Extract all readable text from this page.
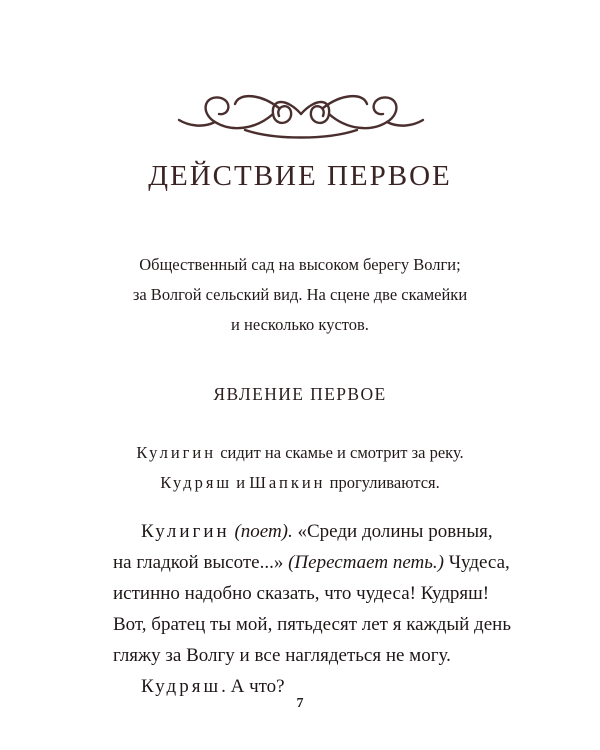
ДЕЙСТВИЕ ПЕРВОЕ
Общественный сад на высоком берегу Волги;
за Волгой сельский вид. На сцене две скамейки
и несколько кустов.
ЯВЛЕНИЕ ПЕРВОЕ
Кулигин сидит на скамье и смотрит за реку.
Кудряш и Шапкин прогуливаются.

Кулигин (поет). «Среди долины ровныя, на гладкой высоте...» (Перестает петь.) Чудеса, истинно надобно сказать, что чудеса! Кудряш! Вот, братец ты мой, пятьдесят лет я каждый день гляжу за Волгу и все наглядеться не могу.

Кудряш. А что?

7
